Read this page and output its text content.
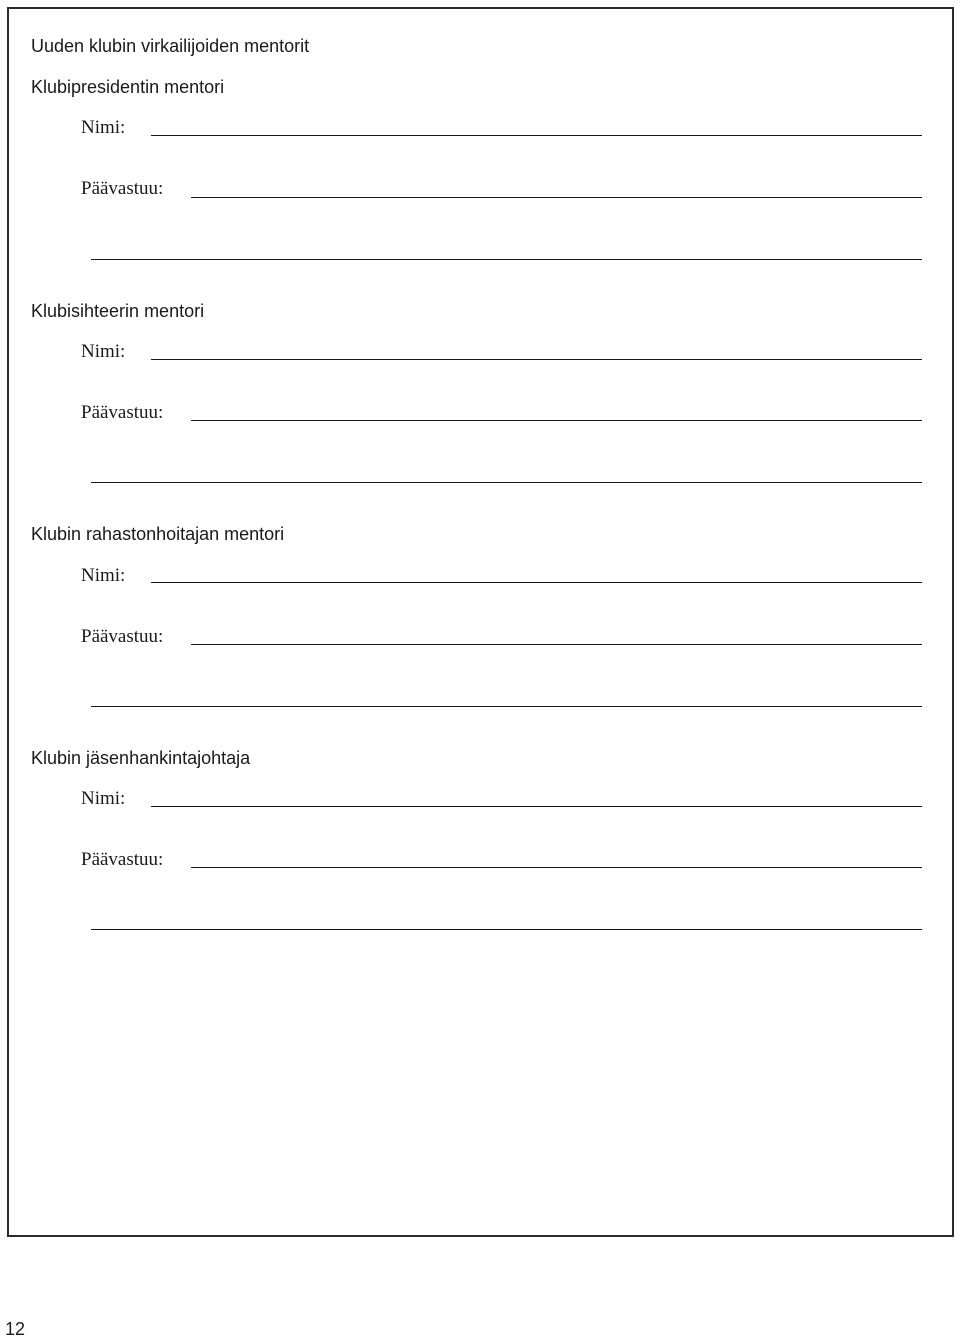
Uuden klubin virkailijoiden mentorit
Klubipresidentin mentori
Nimi:
Päävastuu:
Klubisihteerin mentori
Nimi:
Päävastuu:
Klubin rahastonhoitajan mentori
Nimi:
Päävastuu:
Klubin jäsenhankintajohtaja
Nimi:
Päävastuu:
12
